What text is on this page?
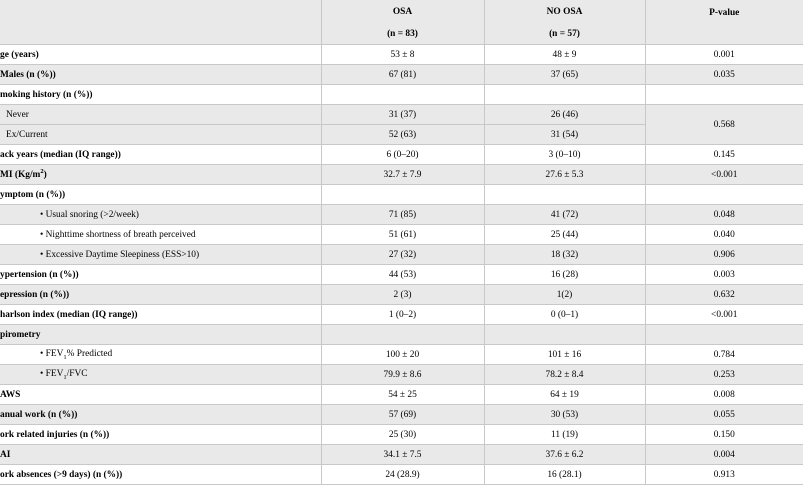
	OSA	NO OSA	P-value
	(n = 83)	(n = 57)	
ge (years)	53 ± 8	48 ± 9	0.001
Males (n (%))	67 (81)	37 (65)	0.035
moking history (n (%))			
Never	31 (37)	26 (46)	0.568
Ex/Current	52 (63)	31 (54)	
ack years (median (IQ range))	6 (0–20)	3 (0–10)	0.145
MI $(Kg/m^2)$	32.7 ± 7.9	27.6 ± 5.3	<0.001
ymptom (n (%))			
• Usual snoring (>2/week)	71 (85)	41 (72)	0.048
• Nighttime shortness of breath perceived	51 (61)	25 (44)	0.040
• Excessive Daytime Sleepiness (ESS>10)	27 (32)	18 (32)	0.906
ypertension (n (%))	44 (53)	16 (28)	0.003
epression (n (%))	2 (3)	1(2)	0.632
harlson index (median (IQ range))	1 (0–2)	0 (0–1)	<0.001
pirometry			
• $FEV_1\%$ Predicted	100 ± 20	101 ± 16	0.784
• $FEV_1$/FVC	79.9 ± 8.6	78.2 ± 8.4	0.253
AWS	54 ± 25	64 ± 19	0.008
anual work (n (%))	57 (69)	30 (53)	0.055
ork related injuries (n (%))	25 (30)	11 (19)	0.150
AI	34.1 ± 7.5	37.6 ± 6.2	0.004
ork absences (>9 days) (n (%))	24 (28.9)	16 (28.1)	0.913
